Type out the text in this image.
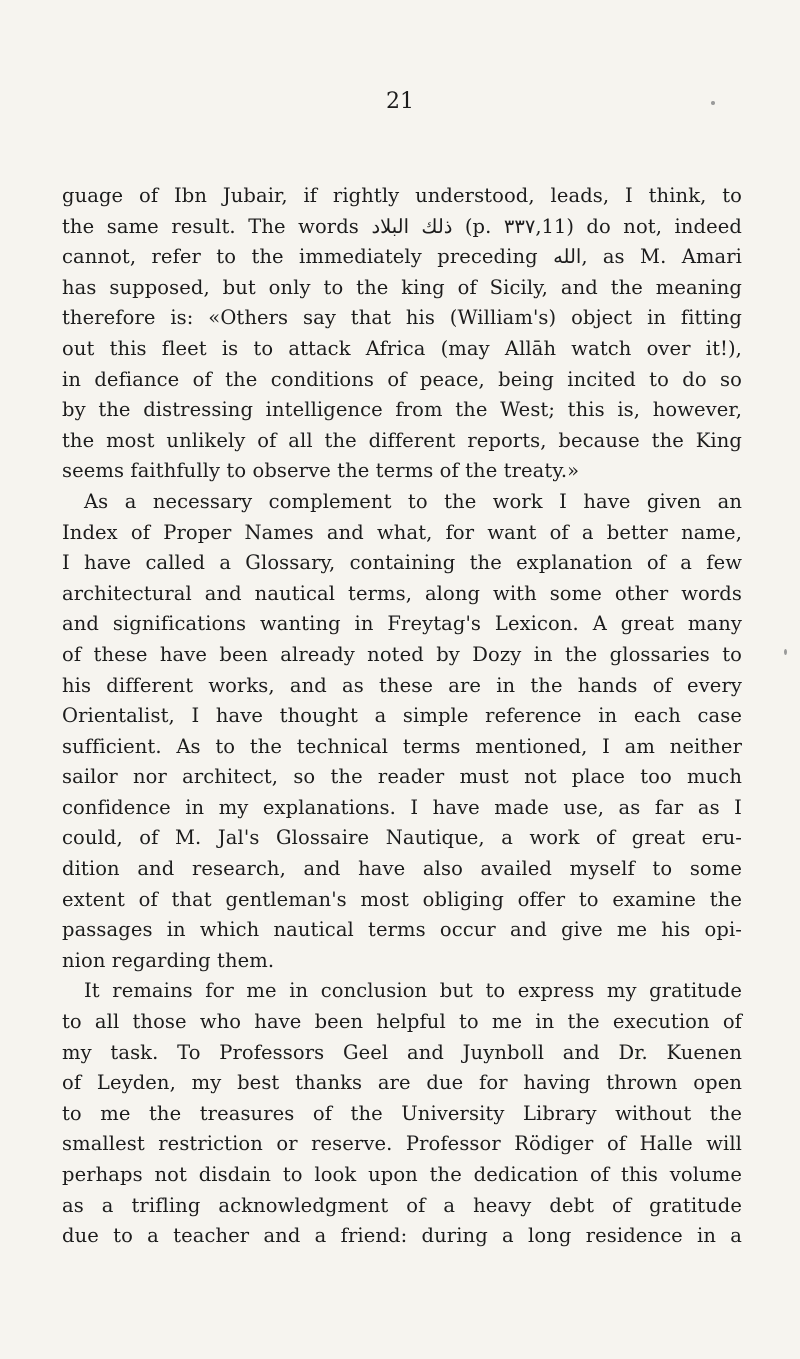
21
guage of Ibn Jubair, if rightly understood, leads, I think, to
the same result. The words ذلك البلاد (p. ٣٣٧,11) do not, indeed
cannot, refer to the immediately preceding الله, as M. Amari
has supposed, but only to the king of Sicily, and the meaning
therefore is: «Others say that his (William's) object in fitting
out this fleet is to attack Africa (may Allāh watch over it!),
in defiance of the conditions of peace, being incited to do so
by the distressing intelligence from the West; this is, however,
the most unlikely of all the different reports, because the King
seems faithfully to observe the terms of the treaty.»
As a necessary complement to the work I have given an
Index of Proper Names and what, for want of a better name,
I have called a Glossary, containing the explanation of a few
architectural and nautical terms, along with some other words
and significations wanting in Freytag's Lexicon. A great many
of these have been already noted by Dozy in the glossaries to
his different works, and as these are in the hands of every
Orientalist, I have thought a simple reference in each case
sufficient. As to the technical terms mentioned, I am neither
sailor nor architect, so the reader must not place too much
confidence in my explanations. I have made use, as far as I
could, of M. Jal's Glossaire Nautique, a work of great eru-
dition and research, and have also availed myself to some
extent of that gentleman's most obliging offer to examine the
passages in which nautical terms occur and give me his opi-
nion regarding them.
It remains for me in conclusion but to express my gratitude
to all those who have been helpful to me in the execution of
my task. To Professors Geel and Juynboll and Dr. Kuenen
of Leyden, my best thanks are due for having thrown open
to me the treasures of the University Library without the
smallest restriction or reserve. Professor Rödiger of Halle will
perhaps not disdain to look upon the dedication of this volume
as a trifling acknowledgment of a heavy debt of gratitude
due to a teacher and a friend: during a long residence in a
